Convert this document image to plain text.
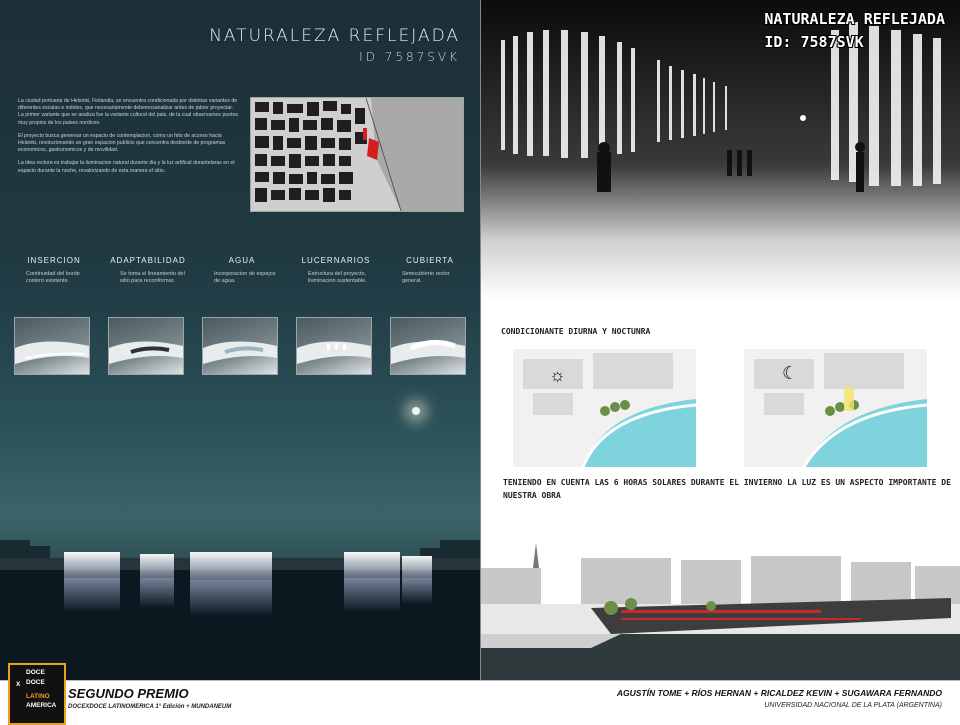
NATURALEZA REFLEJADA
ID 7587SVK

La ciudad portuaria de Helsinki, Finlandia, se encuentra condicionada por distintas variantes de diferentes escalas e indoles, que necesariamente debemosanalizar antes de pdoer proyectar. La primer variante que se analiza fue la variante cultural del pais, de la cual observamos puntos muy propios de los paises nordicos.

El proyecto busca generear un espacio de contemplacion, como un hito de acceso hacia Helsinki, revolozionando un gran espacion publicio que concentra desborde de programas economicos, gastronomicos y de movilidad.

La idea rectora es trabajar la iluminacion natural durante dia y la luz artifical durantelaras en el espacio durante la noche, revalorizando de esta manera el sitio.

INSERCION
Continuidad del borde costero existente.
ADAPTABILIDAD
Se toma el lineamiento del sitio para reconformar.
AGUA
Incorporacion de espejos de agua.
LUCERNARIOS
Estructura del proyecto, iluminacion sustentable.
CUBIERTA
Semicubierto rector general.
NATURALEZA REFLEJADA
ID: 7587SVK
CONDICIONANTE DIURNA Y NOCTUNRA
☼	☾
TENIENDO EN CUENTA LAS 6 HORAS SOLARES DURANTE EL INVIERNO LA LUZ ES UN ASPECTO IMPORTANTE DE NUESTRA OBRA
DOCE
X DOCE
LATINO
AMERICA
SEGUNDO PREMIO
DOCEXDOCE LATINOMERICA 1° Edición + MUNDANEUM
AGUSTÍN TOME + RÍOS HERNAN + RICALDEZ KEVIN + SUGAWARA FERNANDO
UNIVERSIDAD NACIONAL DE LA PLATA (ARGENTINA)
